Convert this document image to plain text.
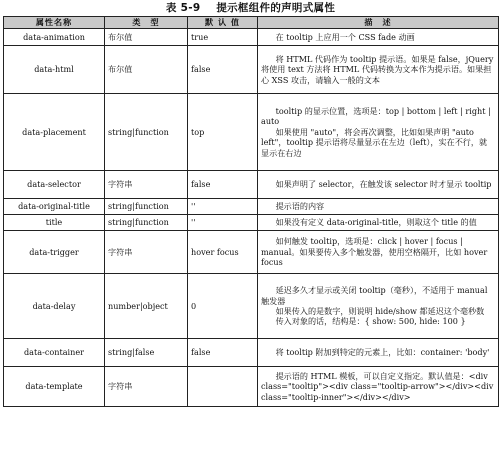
表 5-9 提示框组件的声明式属性
属性名称	类　型	默 认 值	描　述
data-animation	布尔值	true	在 tooltip 上应用一个 CSS fade 动画

data-html	布尔值	false	将 HTML 代码作为 tooltip 提示语。如果是 false，jQuery 将使用 text 方法将 HTML 代码转换为文本作为提示语。如果担心 XSS 攻击，请输入一般的文本

data-placement	string|function	top	tooltip 的显示位置，选项是：top | bottom | left | right | auto
如果使用 "auto"，将会再次调整，比如如果声明 "auto left"，tooltip 提示语将尽量显示在左边（left），实在不行，就显示在右边

data-selector	字符串	false	如果声明了 selector，在触发该 selector 时才显示 tooltip

data-original-title	string|function	''	提示语的内容

title	string|function	''	如果没有定义 data-original-title，则取这个 title 的值

data-trigger	字符串	hover focus	如何触发 tooltip，选项是：click | hover | focus | manual。如果要传入多个触发器，使用空格隔开，比如 hover focus

data-delay	number|object	0	延迟多久才显示或关闭 tooltip（毫秒），不适用于 manual 触发器
如果传入的是数字，则说明 hide/show 都延迟这个毫秒数
传入对象的话，结构是：{ show: 500, hide: 100 }

data-container	string|false	false	将 tooltip 附加到特定的元素上，比如：container: 'body'

data-template	字符串		提示语的 HTML 模板，可以自定义指定。默认值是：<div class="tooltip"><div class="tooltip-arrow"></div><div class="tooltip-inner"></div></div>
